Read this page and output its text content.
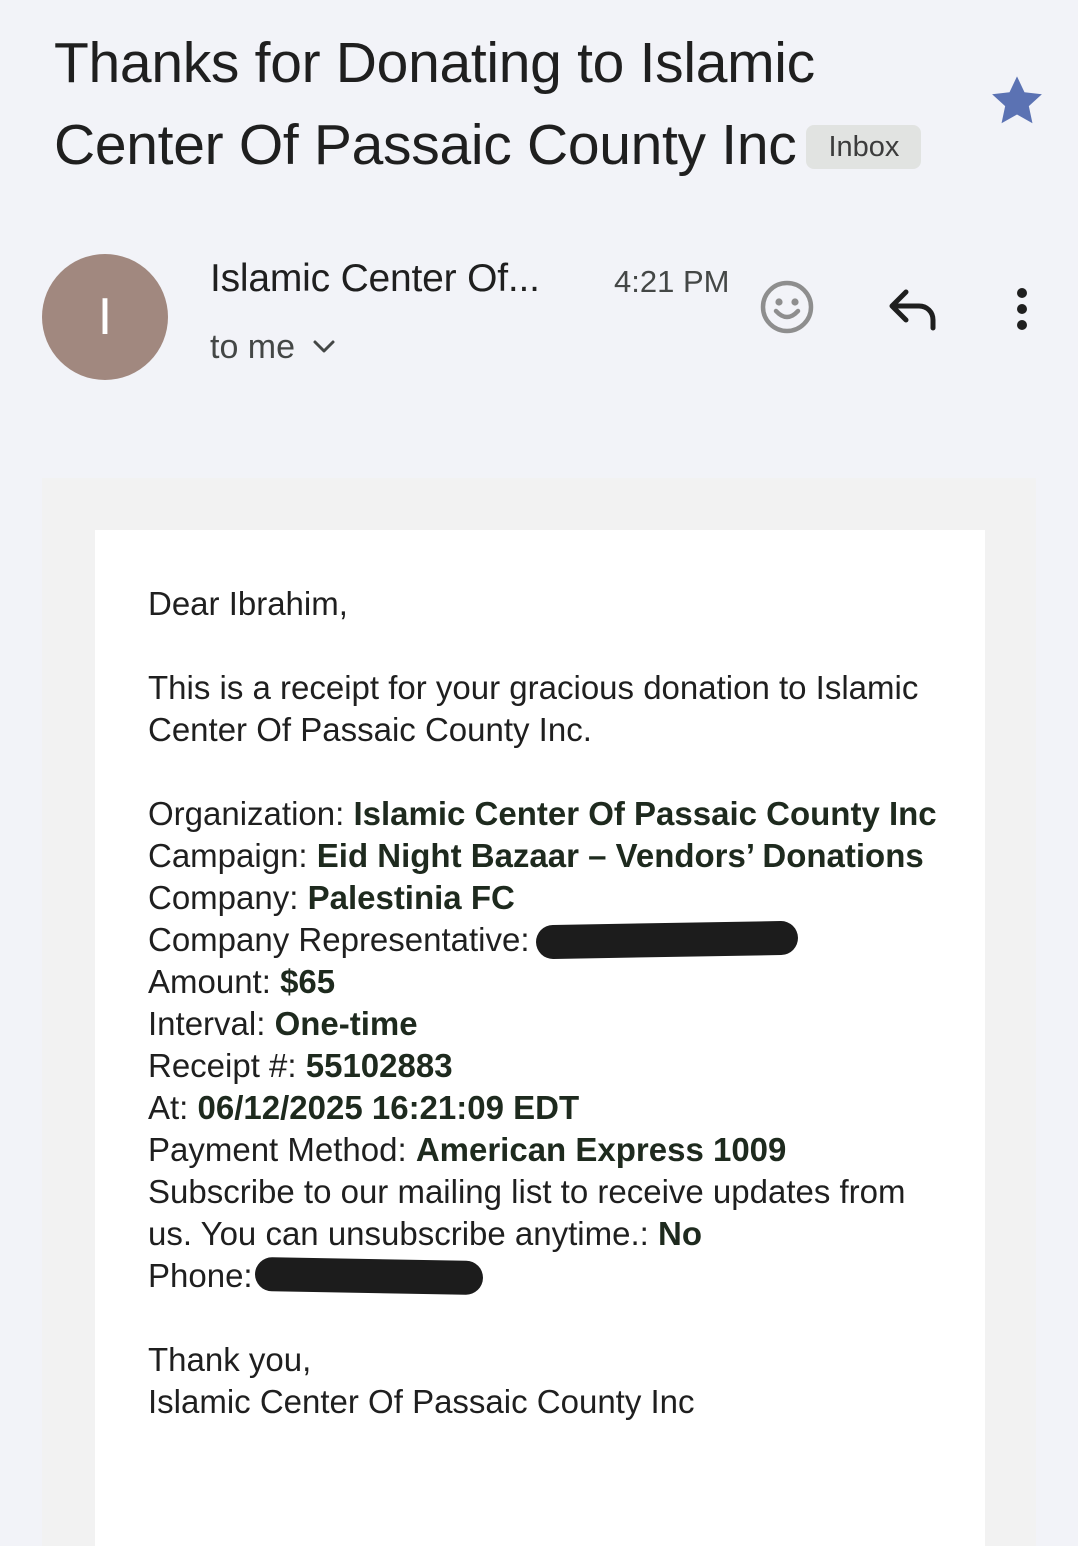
Thanks for Donating to Islamic Center Of Passaic County Inc Inbox
I
Islamic Center Of... 4:21 PM
to me

Dear Ibrahim,

This is a receipt for your gracious donation to Islamic Center Of Passaic County Inc.

Organization: Islamic Center Of Passaic County Inc

Campaign: Eid Night Bazaar – Vendors’ Donations

Company: Palestinia FC

Company Representative:

Amount: $65

Interval: One-time

Receipt #: 55102883

At: 06/12/2025 16:21:09 EDT

Payment Method: American Express 1009

Subscribe to our mailing list to receive updates from us. You can unsubscribe anytime.: No

Phone:

Thank you,

Islamic Center Of Passaic County Inc
